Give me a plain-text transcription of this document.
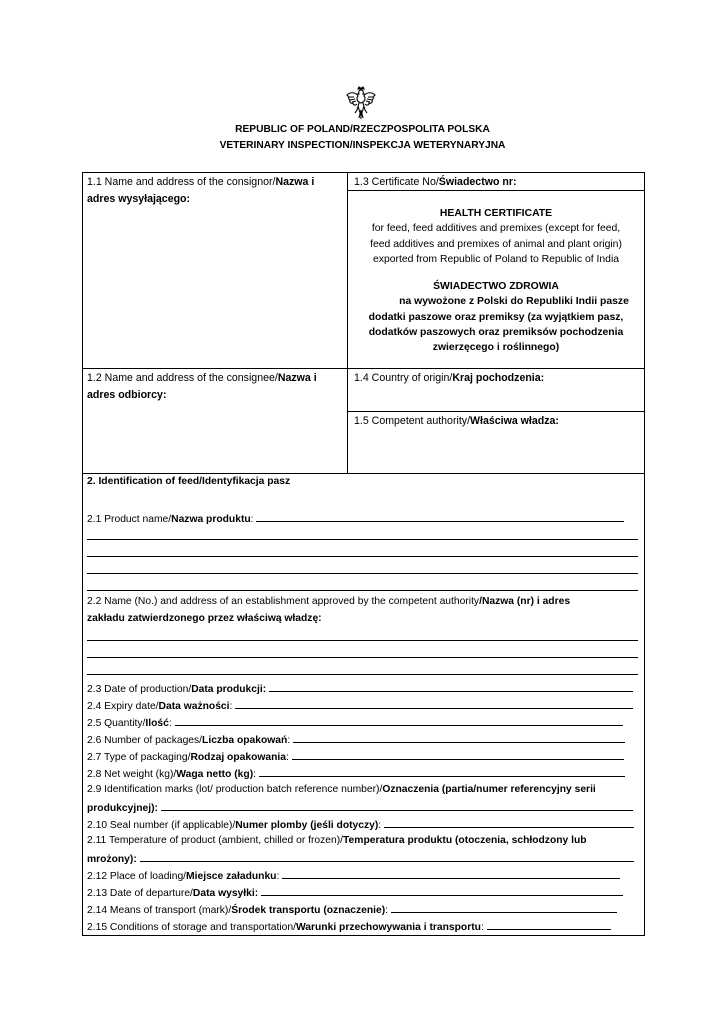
REPUBLIC OF POLAND/RZECZPOSPOLITA POLSKA
VETERINARY INSPECTION/INSPEKCJA WETERYNARYJNA
1.1 Name and address of the consignor/Nazwa i adres wysyłającego:
1.3 Certificate No/Świadectwo nr:
HEALTH CERTIFICATE
for feed, feed additives and premixes (except for feed,
feed additives and premixes of animal and plant origin)
exported from Republic of Poland to Republic of India
ŚWIADECTWO ZDROWIA
na wywożone z Polski do Republiki Indii pasze
dodatki paszowe oraz premiksy (za wyjątkiem pasz,
dodatków paszowych oraz premiksów pochodzenia
zwierzęcego i roślinnego)
1.2 Name and address of the consignee/Nazwa i adres odbiorcy:
1.4 Country of origin/Kraj pochodzenia:
1.5 Competent authority/Właściwa władza:
2. Identification of feed/Identyfikacja pasz
2.1 Product name/Nazwa produktu:
2.2 Name (No.) and address of an establishment approved by the competent authority/Nazwa (nr) i adres
zakładu zatwierdzonego przez właściwą władzę:
2.3 Date of production/Data produkcji:
2.4 Expiry date/Data ważności:
2.5 Quantity/Ilość:
2.6 Number of packages/Liczba opakowań:
2.7 Type of packaging/Rodzaj opakowania:
2.8 Net weight (kg)/Waga netto (kg):
2.9 Identification marks (lot/ production batch reference number)/Oznaczenia (partia/numer referencyjny serii
produkcyjnej):
2.10 Seal number (if applicable)/Numer plomby (jeśli dotyczy):
2.11 Temperature of product (ambient, chilled or frozen)/Temperatura produktu (otoczenia, schłodzony lub
mrożony):
2.12 Place of loading/Miejsce załadunku:
2.13 Date of departure/Data wysyłki:
2.14 Means of transport (mark)/Środek transportu (oznaczenie):
2.15 Conditions of storage and transportation/Warunki przechowywania i transportu:
